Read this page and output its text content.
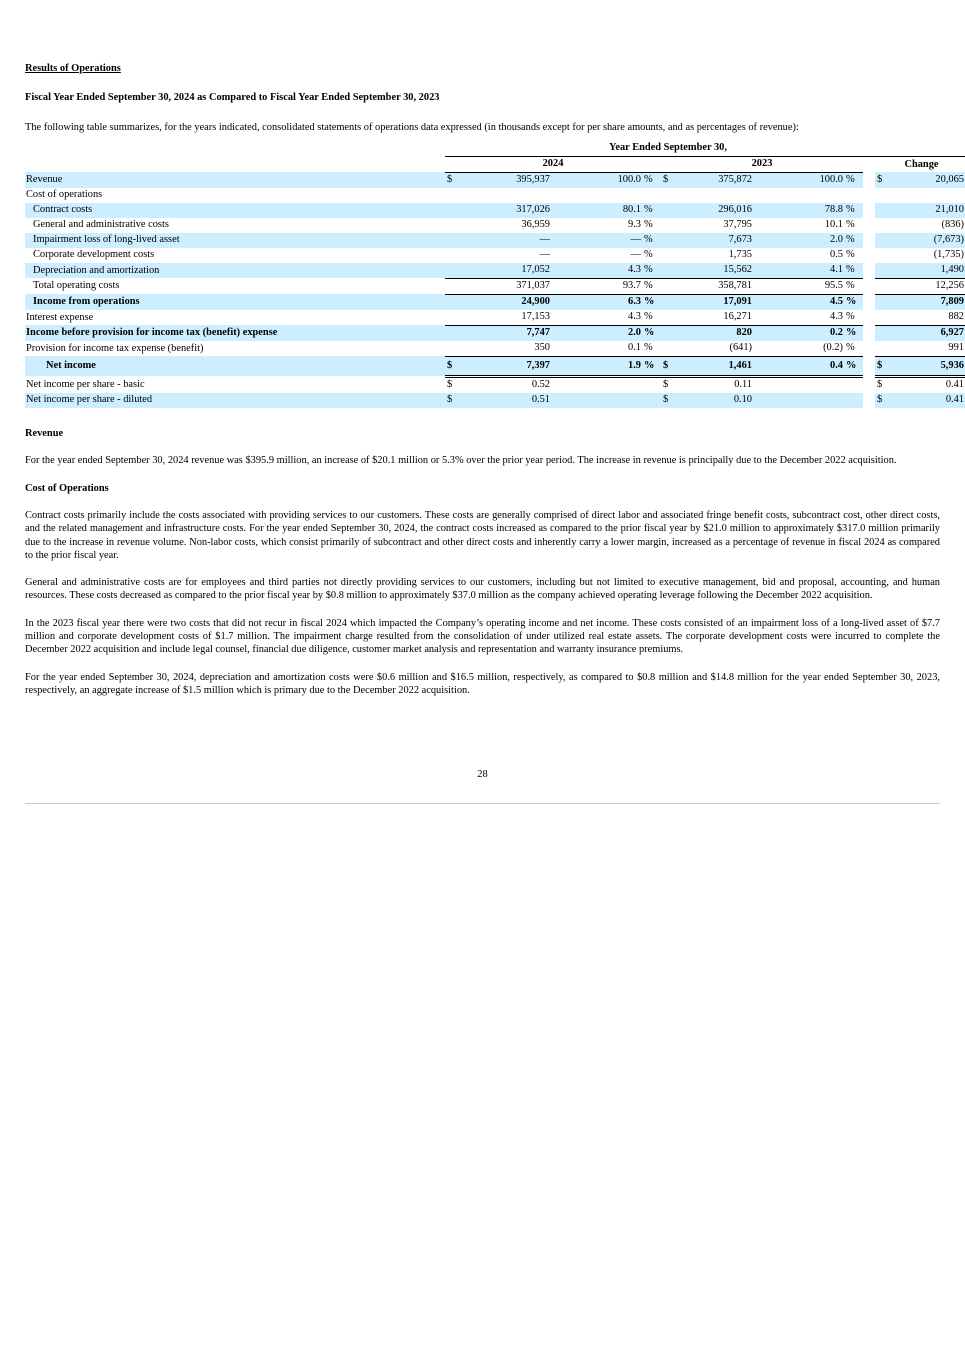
Results of Operations

Fiscal Year Ended September 30, 2024 as Compared to Fiscal Year Ended September 30, 2023

The following table summarizes, for the years indicated, consolidated statements of operations data expressed (in thousands except for per share amounts, and as percentages of revenue):

	Year Ended September 30,										
	2024				2023					Change	
Revenue	$	395,937	100.0	%	$	375,872	100.0	%		$	20,065
Cost of operations											
Contract costs		317,026	80.1	%		296,016	78.8	%			21,010
General and administrative costs		36,959	9.3	%		37,795	10.1	%			(836)
Impairment loss of long-lived asset		—	—	%		7,673	2.0	%			(7,673)
Corporate development costs		—	—	%		1,735	0.5	%			(1,735)
Depreciation and amortization		17,052	4.3	%		15,562	4.1	%			1,490
Total operating costs		371,037	93.7	%		358,781	95.5	%			12,256
Income from operations		24,900	6.3	%		17,091	4.5	%			7,809
Interest expense		17,153	4.3	%		16,271	4.3	%			882
Income before provision for income tax (benefit) expense		7,747	2.0	%		820	0.2	%			6,927
Provision for income tax expense (benefit)		350	0.1	%		(641)	(0.2)	%			991
Net income	$	7,397	1.9	%	$	1,461	0.4	%		$	5,936
Net income per share - basic	$	0.52			$	0.11				$	0.41
Net income per share - diluted	$	0.51			$	0.10				$	0.41

Revenue

For the year ended September 30, 2024 revenue was $395.9 million, an increase of $20.1 million or 5.3% over the prior year period. The increase in revenue is principally due to the December 2022 acquisition.

Cost of Operations

Contract costs primarily include the costs associated with providing services to our customers. These costs are generally comprised of direct labor and associated fringe benefit costs, subcontract cost, other direct costs, and the related management and infrastructure costs. For the year ended September 30, 2024, the contract costs increased as compared to the prior fiscal year by $21.0 million to approximately $317.0 million primarily due to the increase in revenue volume. Non-labor costs, which consist primarily of subcontract and other direct costs and inherently carry a lower margin, increased as a percentage of revenue in fiscal 2024 as compared to the prior fiscal year.

General and administrative costs are for employees and third parties not directly providing services to our customers, including but not limited to executive management, bid and proposal, accounting, and human resources. These costs decreased as compared to the prior fiscal year by $0.8 million to approximately $37.0 million as the company achieved operating leverage following the December 2022 acquisition.

In the 2023 fiscal year there were two costs that did not recur in fiscal 2024 which impacted the Company’s operating income and net income. These costs consisted of an impairment loss of a long-lived asset of $7.7 million and corporate development costs of $1.7 million. The impairment charge resulted from the consolidation of under utilized real estate assets. The corporate development costs were incurred to complete the December 2022 acquisition and include legal counsel, financial due diligence, customer market analysis and representation and warranty insurance premiums.

For the year ended September 30, 2024, depreciation and amortization costs were $0.6 million and $16.5 million, respectively, as compared to $0.8 million and $14.8 million for the year ended September 30, 2023, respectively, an aggregate increase of $1.5 million which is primary due to the December 2022 acquisition.

28
